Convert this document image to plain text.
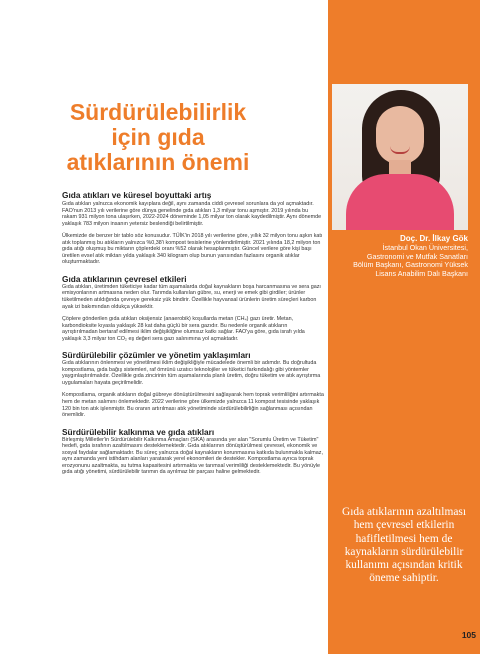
Doç. Dr. İlkay Gök
İstanbul Okan Üniversitesi,
Gastronomi ve Mutfak Sanatları
Bölüm Başkanı, Gastronomi Yüksek
Lisans Anabilim Dalı Başkanı
Gıda atıklarının azaltılması hem çevresel etkilerin hafifletilmesi hem de kaynakların sürdürülebilir kullanımı açısından kritik öneme sahiptir.
105
Sürdürülebilirlik
için gıda
atıklarının önemi
Gıda atıkları ve küresel boyuttaki artış

Gıda atıkları yalnızca ekonomik kayıplara değil, aynı zamanda ciddi çevresel sorunlara da yol açmaktadır. FAO'nun 2013 yılı verilerine göre dünya genelinde gıda atıkları 1,3 milyar tonu aşmıştır. 2019 yılında bu rakam 931 milyon tona ulaşırken, 2022-2024 döneminde 1,05 milyar ton olarak kaydedilmiştir. Aynı dönemde yaklaşık 783 milyon insanın yetersiz beslendiği belirtilmiştir.

Ülkemizde de benzer bir tablo söz konusudur. TÜİK'in 2018 yılı verilerine göre, yıllık 32 milyon tonu aşkın katı atık toplanmış bu atıkların yalnızca %0,38'i kompost tesislerine yönlendirilmiştir. 2021 yılında 18,2 milyon ton gıda atığı oluşmuş bu miktarın çöplerdeki oranı %52 olarak hesaplanmıştır. Güncel verilere göre kişi başı üretilen evsel atık miktarı yılda yaklaşık 340 kilogram olup bunun yarısından fazlasını organik atıklar oluşturmaktadır.

Gıda atıklarının çevresel etkileri

Gıda atıkları, üretimden tüketiciye kadar tüm aşamalarda doğal kaynakların boşa harcanmasına ve sera gazı emisyonlarının artmasına neden olur. Tarımda kullanılan gübre, su, enerji ve emek gibi girdiler; ürünler tüketilmeden atıldığında çevreye gereksiz yük bindirir. Özellikle hayvansal ürünlerin üretim süreçleri karbon ayak izi bakımından oldukça yüksektir.

Çöplere gönderilen gıda atıkları oksijensiz (anaerobik) koşullarda metan (CH₄) gazı üretir. Metan, karbondioksite kıyasla yaklaşık 28 kat daha güçlü bir sera gazıdır. Bu nedenle organik atıkların ayrıştırılmadan bertaraf edilmesi iklim değişikliğine olumsuz katkı sağlar. FAO'ya göre, gıda israfı yılda yaklaşık 3,3 milyar ton CO₂ eş değeri sera gazı salınımına yol açmaktadır.

Sürdürülebilir çözümler ve yönetim yaklaşımları

Gıda atıklarının önlenmesi ve yönetilmesi iklim değişikliğiyle mücadelede önemli bir adımdır. Bu doğrultuda kompostlama, gıda bağış sistemleri, raf ömrünü uzatıcı teknolojiler ve tüketici farkındalığı gibi yöntemler yaygınlaştırılmalıdır. Özellikle gıda zincirinin tüm aşamalarında planlı üretim, doğru tüketim ve atık ayrıştırma uygulamaları hayata geçirilmelidir.

Kompostlama, organik atıkların doğal gübreye dönüştürülmesini sağlayarak hem toprak verimliliğini artırmakta hem de metan salımını önlemektedir. 2022 verilerine göre ülkemizde yalnızca 11 kompost tesisinde yaklaşık 120 bin ton atık işlenmiştir. Bu oranın artırılması atık yönetiminde sürdürülebilirliğin sağlanması açısından önemlidir.

Sürdürülebilir kalkınma ve gıda atıkları

Birleşmiş Milletler'in Sürdürülebilir Kalkınma Amaçları (SKA) arasında yer alan "Sorumlu Üretim ve Tüketim" hedefi, gıda israfının azaltılmasını desteklemektedir. Gıda atıklarının dönüştürülmesi çevresel, ekonomik ve sosyal faydalar sağlamaktadır. Bu süreç yalnızca doğal kaynakların korunmasına katkıda bulunmakla kalmaz, aynı zamanda yeni istihdam alanları yaratarak yerel ekonomileri de destekler. Kompostlama ayrıca toprak erozyonunu azaltmakta, su tutma kapasitesini artırmakta ve tarımsal verimliliği desteklemektedir. Bu yönüyle gıda atığı yönetimi, sürdürülebilir tarımın da ayrılmaz bir parçası haline gelmektedir.
